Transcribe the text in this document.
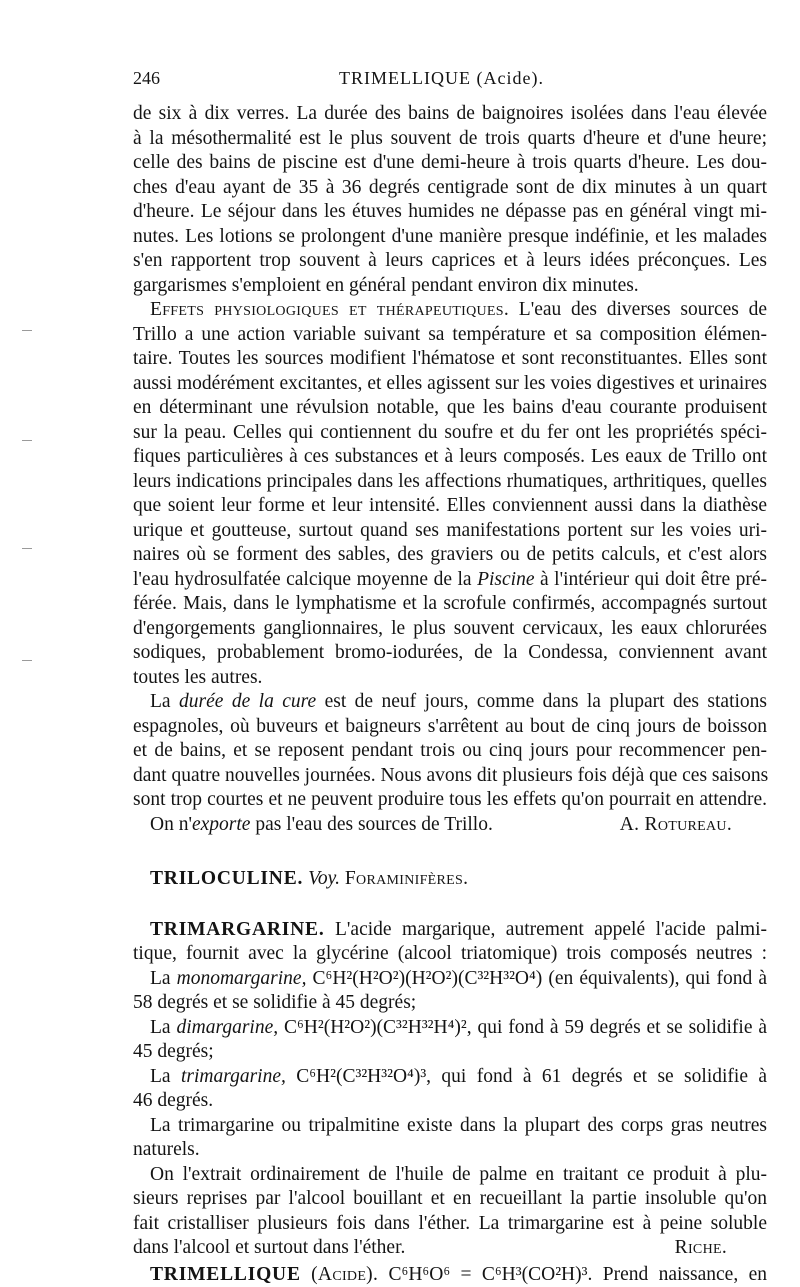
246	TRIMELLIQUE (Acide).
de six à dix verres. La durée des bains de baignoires isolées dans l'eau élevée
à la mésothermalité est le plus souvent de trois quarts d'heure et d'une heure;
celle des bains de piscine est d'une demi-heure à trois quarts d'heure. Les dou-
ches d'eau ayant de 35 à 36 degrés centigrade sont de dix minutes à un quart
d'heure. Le séjour dans les étuves humides ne dépasse pas en général vingt mi-
nutes. Les lotions se prolongent d'une manière presque indéfinie, et les malades
s'en rapportent trop souvent à leurs caprices et à leurs idées préconçues. Les
gargarismes s'emploient en général pendant environ dix minutes.
Effets physiologiques et thérapeutiques. L'eau des diverses sources de
Trillo a une action variable suivant sa température et sa composition élémen-
taire. Toutes les sources modifient l'hématose et sont reconstituantes. Elles sont
aussi modérément excitantes, et elles agissent sur les voies digestives et urinaires
en déterminant une révulsion notable, que les bains d'eau courante produisent
sur la peau. Celles qui contiennent du soufre et du fer ont les propriétés spéci-
fiques particulières à ces substances et à leurs composés. Les eaux de Trillo ont
leurs indications principales dans les affections rhumatiques, arthritiques, quelles
que soient leur forme et leur intensité. Elles conviennent aussi dans la diathèse
urique et goutteuse, surtout quand ses manifestations portent sur les voies uri-
naires où se forment des sables, des graviers ou de petits calculs, et c'est alors
l'eau hydrosulfatée calcique moyenne de la Piscine à l'intérieur qui doit être pré-
férée. Mais, dans le lymphatisme et la scrofule confirmés, accompagnés surtout
d'engorgements ganglionnaires, le plus souvent cervicaux, les eaux chlorurées
sodiques, probablement bromo-iodurées, de la Condessa, conviennent avant
toutes les autres.
La durée de la cure est de neuf jours, comme dans la plupart des stations
espagnoles, où buveurs et baigneurs s'arrêtent au bout de cinq jours de boisson
et de bains, et se reposent pendant trois ou cinq jours pour recommencer pen-
dant quatre nouvelles journées. Nous avons dit plusieurs fois déjà que ces saisons
sont trop courtes et ne peuvent produire tous les effets qu'on pourrait en attendre.
On n'exporte pas l'eau des sources de Trillo.	A. Rotureau.
TRILOCULINE. Voy. Foraminifères.
TRIMARGARINE. L'acide margarique, autrement appelé l'acide palmi-
tique, fournit avec la glycérine (alcool triatomique) trois composés neutres :
La monomargarine, C⁶H²(H²O²)(H²O²)(C³²H³²O⁴) (en équivalents), qui fond à
58 degrés et se solidifie à 45 degrés;
La dimargarine, C⁶H²(H²O²)(C³²H³²H⁴)², qui fond à 59 degrés et se solidifie à
45 degrés;
La trimargarine, C⁶H²(C³²H³²O⁴)³, qui fond à 61 degrés et se solidifie à
46 degrés.
La trimargarine ou tripalmitine existe dans la plupart des corps gras neutres
naturels.
On l'extrait ordinairement de l'huile de palme en traitant ce produit à plu-
sieurs reprises par l'alcool bouillant et en recueillant la partie insoluble qu'on
fait cristalliser plusieurs fois dans l'éther. La trimargarine est à peine soluble
dans l'alcool et surtout dans l'éther.	Riche.
TRIMELLIQUE (Acide). C⁶H⁶O⁶ = C⁶H³(CO²H)³. Prend naissance, en
